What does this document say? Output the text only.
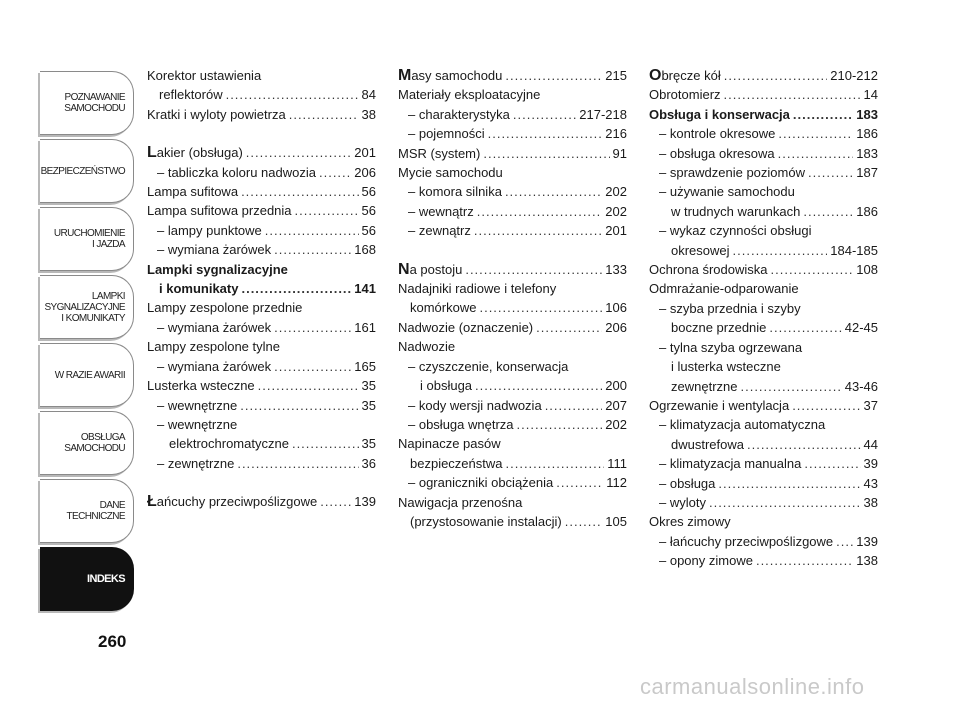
POZNAWANIE
SAMOCHODU
BEZPIECZEŃSTWO
URUCHOMIENIE
I JAZDA
LAMPKI
SYGNALIZACYJNE
I KOMUNIKATY
W RAZIE AWARII
OBSŁUGA
SAMOCHODU
DANE
TECHNICZNE
INDEKS
260
Korektor ustawienia
reflektorów .....	84
Kratki i wyloty powietrza .....	38
L akier (obsługa) .....	201
– tabliczka koloru nadwozia .....	206
Lampa sufitowa .....	56
Lampa sufitowa przednia .....	56
– lampy punktowe .....	56
– wymiana żarówek .....	168
Lampki sygnalizacyjne
i komunikaty .....	141
Lampy zespolone przednie
– wymiana żarówek .....	161
Lampy zespolone tylne
– wymiana żarówek .....	165
Lusterka wsteczne .....	35
– wewnętrzne .....	35
– wewnętrzne
elektrochromatyczne .....	35
– zewnętrzne .....	36
Ł ańcuchy przeciwpoślizgowe .....	139
M asy samochodu .....	215
Materiały eksploatacyjne
– charakterystyka .....	217-218
– pojemności .....	216
MSR (system) .....	91
Mycie samochodu
– komora silnika .....	202
– wewnątrz .....	202
– zewnątrz .....	201
N a postoju .....	133
Nadajniki radiowe i telefony
komórkowe .....	106
Nadwozie (oznaczenie) .....	206
Nadwozie
– czyszczenie, konserwacja
i obsługa .....	200
– kody wersji nadwozia .....	207
– obsługa wnętrza .....	202
Napinacze pasów
bezpieczeństwa .....	111
– ograniczniki obciążenia .....	112
Nawigacja przenośna
(przystosowanie instalacji) .....	105
O bręcze kół .....	210-212
Obrotomierz .....	14
Obsługa i konserwacja .....	183
– kontrole okresowe .....	186
– obsługa okresowa .....	183
– sprawdzenie poziomów .....	187
– używanie samochodu
w trudnych warunkach .....	186
– wykaz czynności obsługi
okresowej .....	184-185
Ochrona środowiska .....	108
Odmrażanie-odparowanie
– szyba przednia i szyby
boczne przednie .....	42-45
– tylna szyba ogrzewana
i lusterka wsteczne
zewnętrzne .....	43-46
Ogrzewanie i wentylacja .....	37
– klimatyzacja automatyczna
dwustrefowa .....	44
– klimatyzacja manualna .....	39
– obsługa .....	43
– wyloty .....	38
Okres zimowy
– łańcuchy przeciwpoślizgowe ..... 139
– opony zimowe .....	138
carmanualsonline.info
